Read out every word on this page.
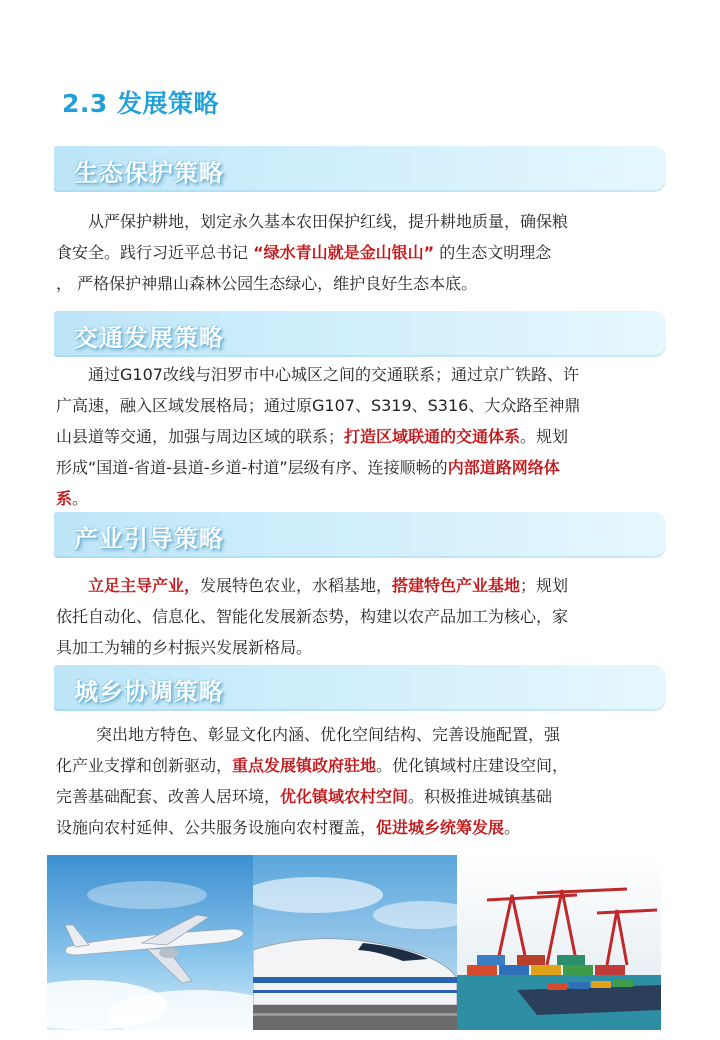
2.3 发展策略
生态保护策略

从严保护耕地，划定永久基本农田保护红线，提升耕地质量，确保粮

食安全。践行习近平总书记 “绿水青山就是金山银山” 的生态文明理念

， 严格保护神鼎山森林公园生态绿心，维护良好生态本底。

交通发展策略

通过G107改线与汨罗市中心城区之间的交通联系；通过京广铁路、许

广高速，融入区域发展格局；通过原G107、S319、S316、大众路至神鼎

山县道等交通，加强与周边区域的联系；打造区域联通的交通体系。规划

形成“国道-省道-县道-乡道-村道”层级有序、连接顺畅的内部道路网络体

系。

产业引导策略

立足主导产业，发展特色农业，水稻基地，搭建特色产业基地；规划

依托自动化、信息化、智能化发展新态势，构建以农产品加工为核心，家

具加工为辅的乡村振兴发展新格局。

城乡协调策略

突出地方特色、彰显文化内涵、优化空间结构、完善设施配置，强

化产业支撑和创新驱动，重点发展镇政府驻地。优化镇域村庄建设空间，

完善基础配套、改善人居环境，优化镇域农村空间。积极推进城镇基础

设施向农村延伸、公共服务设施向农村覆盖，促进城乡统筹发展。
